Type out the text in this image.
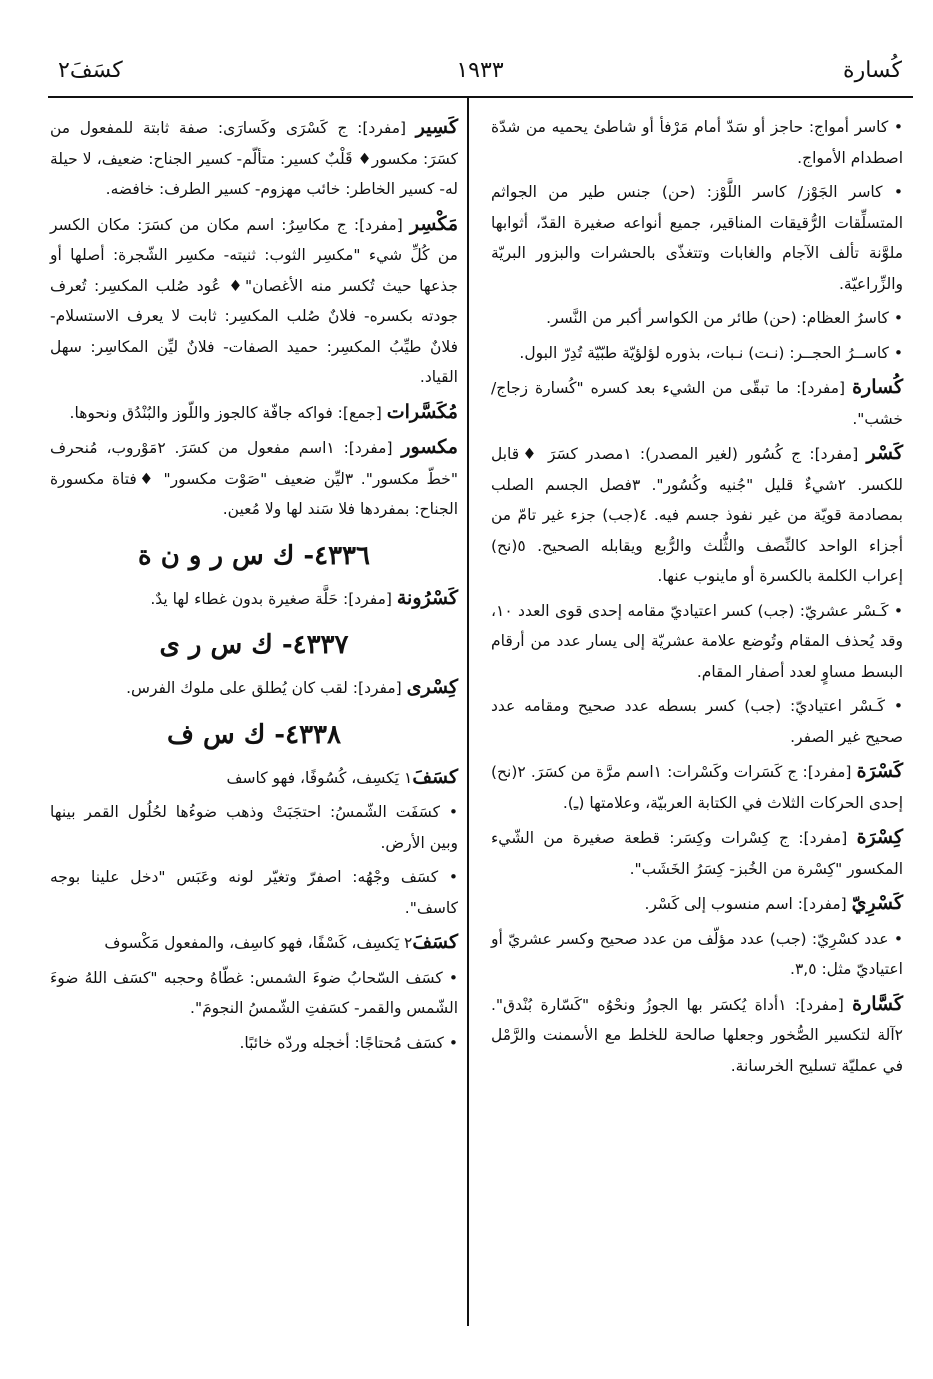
كُسارة
١٩٣٣
كسَفَ٢

• كاسر أمواج: حاجز أو سَدّ أمام مَرْفأ أو شاطئ يحميه من شدّة اصطدام الأمواج.

• كاسر الجَوْز/ كاسر اللَّوْز: (حن) جنس طير من الجواثم المتسلِّقات الرُّقيقات المناقير، جميع أنواعه صغيرة القدّ، أثوابها ملوَّنة تألف الآجام والغابات وتتغذّى بالحشرات والبزور البريّة والزِّراعيّة.

• كاسرُ العظام: (حن) طائر من الكواسر أكبر من النَّسر.

• كاســرُ الحجــر: (نـت) نـبات، بذوره لؤلؤيّة طبّيّة تُدِرّ البول.

كُسارة [مفرد]: ما تبقّى من الشيء بعد كسره "كُسارة زجاج/ خشب".

كَسْر [مفرد]: ج كُسُور (لغير المصدر): ١مصدر كسَرَ ♦قابل للكسر. ٢شيءٌ قليل "جُنيه وكُسُور". ٣فصل الجسم الصلب بمصادمة قويّة من غير نفوذ جسم فيه. ٤(جب) جزء غير تامّ من أجزاء الواحد كالنِّصف والثُّلث والرُّبع ويقابله الصحيح. ٥(نح) إعراب الكلمة بالكسرة أو ماينوب عنها.

• كَـسْر عشريّ: (جب) كسر اعتياديّ مقامه إحدى قوى العدد ١٠، وقد يُحذف المقام وتُوضع علامة عشريّة إلى يسار عدد من أرقام البسط مساوٍ لعدد أصفار المقام.

• كَـسْر اعتياديّ: (جب) كسر بسطه عدد صحيح ومقامه عدد صحيح غير الصفر.

كَسْرَة [مفرد]: ج كَسَرات وكَسْرات: ١اسم مرَّة من كسَرَ. ٢(نح) إحدى الحركات الثلاث في الكتابة العربيّة، وعلامتها (ـِ).

كِسْرَة [مفرد]: ج كِسْرات وكِسَر: قطعة صغيرة من الشّيء المكسور "كِسْرة من الخُبز- كِسَرُ الخَشَب".

كَسْرِيّ [مفرد]: اسم منسوب إلى كَسْر.

• عدد كسْرِيّ: (جب) عدد مؤلّف من عدد صحيح وكسر عشريّ أو اعتياديّ مثل: ٣,٥.

كَسَّارة [مفرد]: ١أداة يُكسَر بها الجوزُ ونحْوُه "كَسّارة بُنْدق". ٢آلة لتكسير الصُّخور وجعلها صالحة للخلط مع الأسمنت والرَّمْل في عمليّة تسليح الخرسانة.

كَسِير [مفرد]: ج كَسْرَى وكَسارَى: صفة ثابتة للمفعول من كسَرَ: مكسور♦ قَلْبٌ كسير: متألّم- كسير الجناح: ضعيف، لا حيلة له- كسير الخاطر: خائب مهزوم- كسير الطرف: خافضه.

مَكْسِر [مفرد]: ج مكاسِرُ: اسم مكان من كسَرَ: مكان الكسر من كُلِّ شيء "مكسِر الثوب: ثنيته- مكسِر الشّجرة: أصلها أو جذعها حيث تُكسر منه الأغصان"♦ عُود صُلب المكسِر: تُعرف جودته بكسره- فلانٌ صُلب المكسِر: ثابت لا يعرف الاستسلام- فلانٌ طيِّبُ المكسِر: حميد الصفات- فلانٌ ليِّن المكاسِر: سهل القياد.

مُكَسَّرات [جمع]: فواكه جافّة كالجوز واللّوز والبُنْدُق ونحوها.

مكسور [مفرد]: ١اسم مفعول من كسَرَ. ٢مَوْروب، مُنحرف "خطّ مكسور". ٣ليِّن ضعيف "صَوْت مكسور" ♦فتاة مكسورة الجناح: بمفردها فلا سَند لها ولا مُعين.

٤٣٣٦- ك س ر و ن ة

كَسْرُونة [مفرد]: حَلَّة صغيرة بدون غطاء لها يدٌ.

٤٣٣٧- ك س ر ى

كِسْرى [مفرد]: لقب كان يُطلق على ملوك الفرس.

٤٣٣٨- ك س ف

كسَفَ١ يَكسِف، كُسُوفًا، فهو كاسف

• كسَفَت الشّمسُ: احتجَبَتْ وذهب ضوءُها لحُلُول القمر بينها وبين الأرض.

• كسَف وجْهُه: اصفرّ وتغيّر لونه وعَبَس "دخل علينا بوجه كاسف".

كسَفَ٢ يَكسِف، كَسْفًا، فهو كاسِف، والمفعول مَكْسوف

• كسَف السّحابُ ضوءَ الشمس: غطّاهُ وحجبه "كسَف اللهُ ضوءَ الشّمس والقمر- كسَفتِ الشّمسُ النجومَ".

• كسَف مُحتاجًا: أخجله وردّه خائبًا.
